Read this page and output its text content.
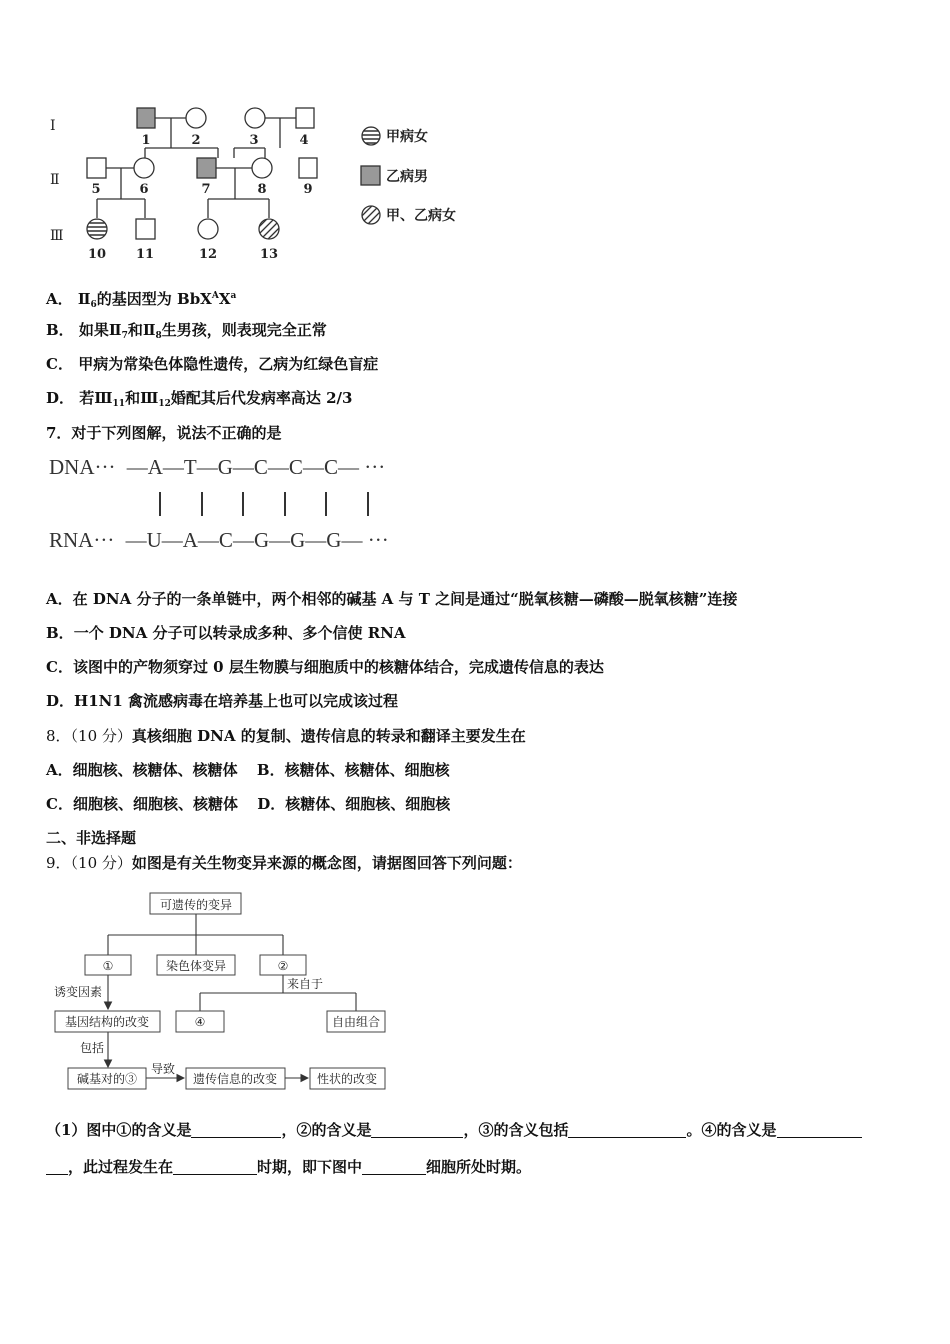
Ⅰ
Ⅱ
Ⅲ
1	2	3	4
5	6	7	8	9
10 11	12	13
甲病女
乙病男
甲、乙病女
A． $Ⅱ_6$的基因型为 $BbX^AX^a$
B． 如果$Ⅱ_7$和$Ⅱ_8$生男孩，则表现完全正常
C． 甲病为常染色体隐性遗传，乙病为红绿色盲症
D． 若$Ⅲ_{11}$和$Ⅲ_{12}$婚配其后代发病率高达 2/3
7．对于下列图解，说法不正确的是
DNA··· —A—T—G—C—C—C— ···
RNA··· —U—A—C—G—G—G— ···
A．在 DNA 分子的一条单链中，两个相邻的碱基 A 与 T 之间是通过“脱氧核糖—磷酸—脱氧核糖”连接
B．一个 DNA 分子可以转录成多种、多个信使 RNA
C．该图中的产物须穿过 0 层生物膜与细胞质中的核糖体结合，完成遗传信息的表达
D．H1N1 禽流感病毒在培养基上也可以完成该过程
8．（10 分）真核细胞 DNA 的复制、遗传信息的转录和翻译主要发生在
A．细胞核、核糖体、核糖体 B．核糖体、核糖体、细胞核
C．细胞核、细胞核、核糖体 D．核糖体、细胞核、细胞核
二、非选择题
9．（10 分）如图是有关生物变异来源的概念图，请据图回答下列问题：
可遗传的变异
①	染色体变异	②
④	自由组合
基因结构的改变
碱基对的③	遗传信息的改变	性状的改变
来自于
诱变因素
包括
导致
（1）图中①的含义是	，②的含义是	，③的含义包括	。④的含义是
，此过程发生在	时期，即下图中	细胞所处时期。
